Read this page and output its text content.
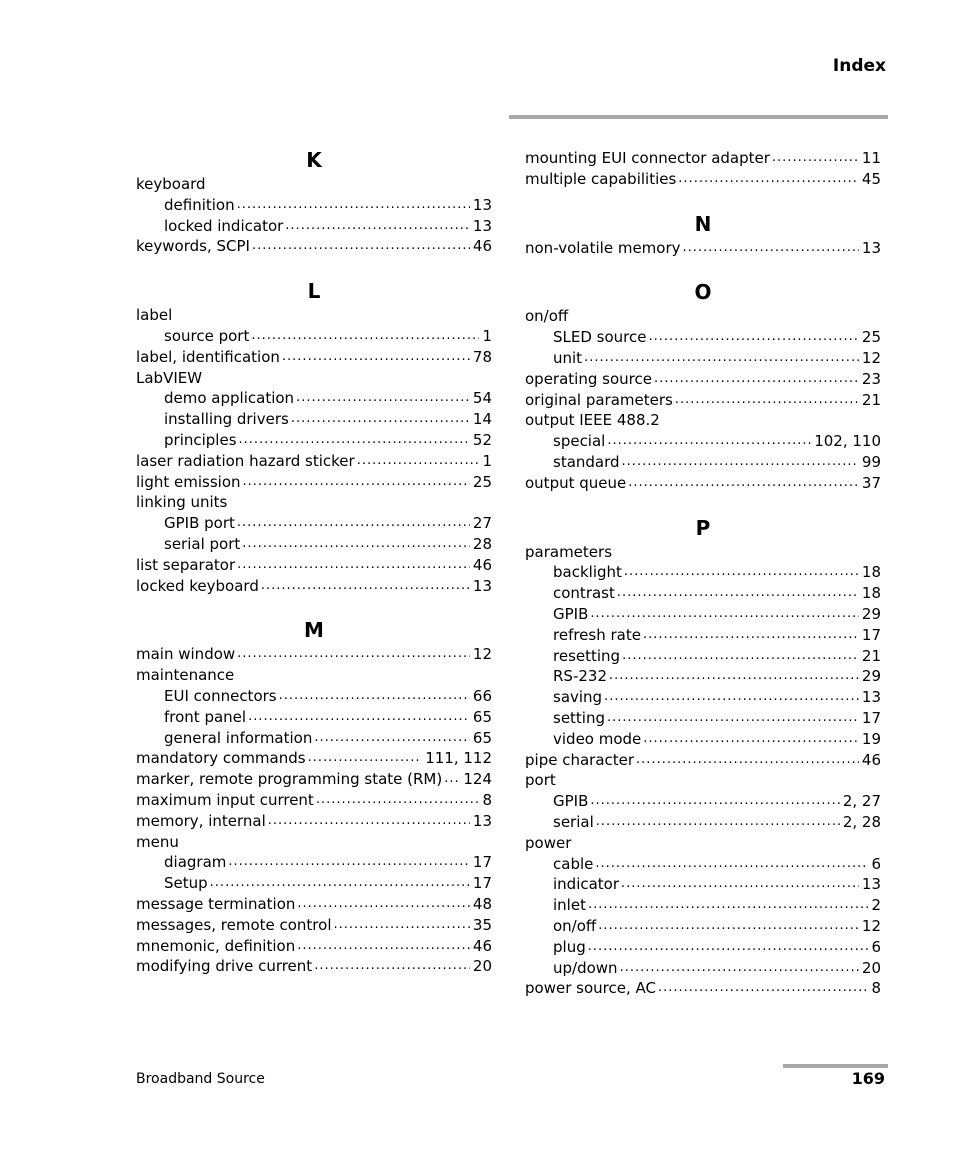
Index
K
keyboard
definition .....	13
locked indicator .....	13
keywords, SCPI .....	46
L
label
source port .....	1
label, identification .....	78
LabVIEW
demo application .....	54
installing drivers .....	14
principles .....	52
laser radiation hazard sticker .....	1
light emission .....	25
linking units
GPIB port .....	27
serial port .....	28
list separator .....	46
locked keyboard .....	13
M
main window .....	12
maintenance
EUI connectors .....	66
front panel .....	65
general information .....	65
mandatory commands .....	111, 112
marker, remote programming state (RM) ..... 124
maximum input current .....	8
memory, internal .....	13
menu
diagram .....	17
Setup .....	17
message termination .....	48
messages, remote control .....	35
mnemonic, definition .....	46
modifying drive current .....	20
mounting EUI connector adapter .....	11
multiple capabilities .....	45
N
non-volatile memory .....	13
O
on/off
SLED source .....	25
unit .....	12
operating source .....	23
original parameters .....	21
output IEEE 488.2
special .....	102, 110
standard .....	99
output queue .....	37
P
parameters
backlight .....	18
contrast .....	18
GPIB .....	29
refresh rate .....	17
resetting .....	21
RS-232 .....	29
saving .....	13
setting .....	17
video mode .....	19
pipe character .....	46
port
GPIB .....	2, 27
serial .....	2, 28
power
cable .....	6
indicator .....	13
inlet .....	2
on/off .....	12
plug .....	6
up/down .....	20
power source, AC .....	8
Broadband Source	169
